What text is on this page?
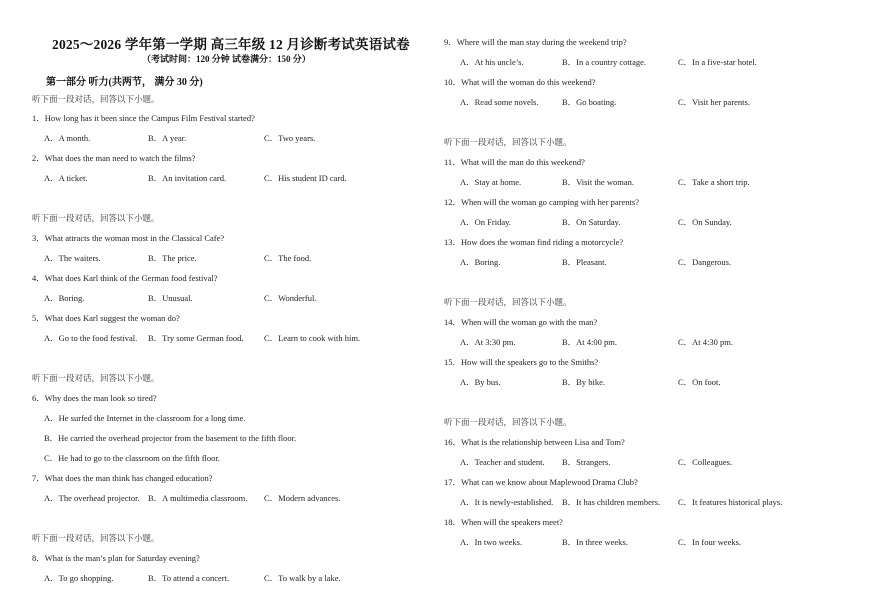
2025～2026 学年第一学期 高三年级 12 月诊断考试英语试卷
（考试时间：120 分钟 试卷满分：150 分）
第一部分 听力(共两节， 满分 30 分)
听下面一段对话，回答以下小题。
1．How long has it been since the Campus Film Festival started?
A．A month.	B．A year.	C．Two years.
2．What does the man need to watch the films?
A．A ticket.	B．An invitation card.	C．His student ID card.
听下面一段对话，回答以下小题。
3．What attracts the woman most in the Classical Cafe?
A．The waiters.	B．The price.	C．The food.
4．What does Karl think of the German food festival?
A．Boring.	B．Unusual.	C．Wonderful.
5．What does Karl suggest the woman do?
A．Go to the food festival. B．Try some German food. C．Learn to cook with him.
听下面一段对话，回答以下小题。
6．Why does the man look so tired?
A．He surfed the Internet in the classroom for a long time.
B．He carried the overhead projector from the basement to the fifth floor.
C．He had to go to the classroom on the fifth floor.
7．What does the man think has changed education?
A．The overhead projector. B．A multimedia classroom. C．Modern advances.
听下面一段对话，回答以下小题。
8．What is the man’s plan for Saturday evening?
A．To go shopping.	B．To attend a concert.	C．To walk by a lake.
9．Where will the man stay during the weekend trip?
A．At his uncle’s.	B．In a country cottage.	C．In a five-star hotel.
10．What will the woman do this weekend?
A．Read some novels.	B．Go boating.	C．Visit her parents.
听下面一段对话，回答以下小题。
11．What will the man do this weekend?
A．Stay at home.	B．Visit the woman.	C．Take a short trip.
12．When will the woman go camping with her parents?
A．On Friday.	B．On Saturday.	C．On Sunday.
13．How does the woman find riding a motorcycle?
A．Boring.	B．Pleasant.	C．Dangerous.
听下面一段对话，回答以下小题。
14．When will the woman go with the man?
A．At 3:30 pm.	B．At 4:00 pm.	C．At 4:30 pm.
15．How will the speakers go to the Smiths?
A．By bus.	B．By bike.	C．On foot.
听下面一段对话，回答以下小题。
16．What is the relationship between Lisa and Tom?
A．Teacher and student. B．Strangers.	C．Colleagues.
17．What can we know about Maplewood Drama Club?
A．It is newly-established. B．It has children members. C．It features historical plays.
18．When will the speakers meet?
A．In two weeks.	B．In three weeks.	C．In four weeks.
